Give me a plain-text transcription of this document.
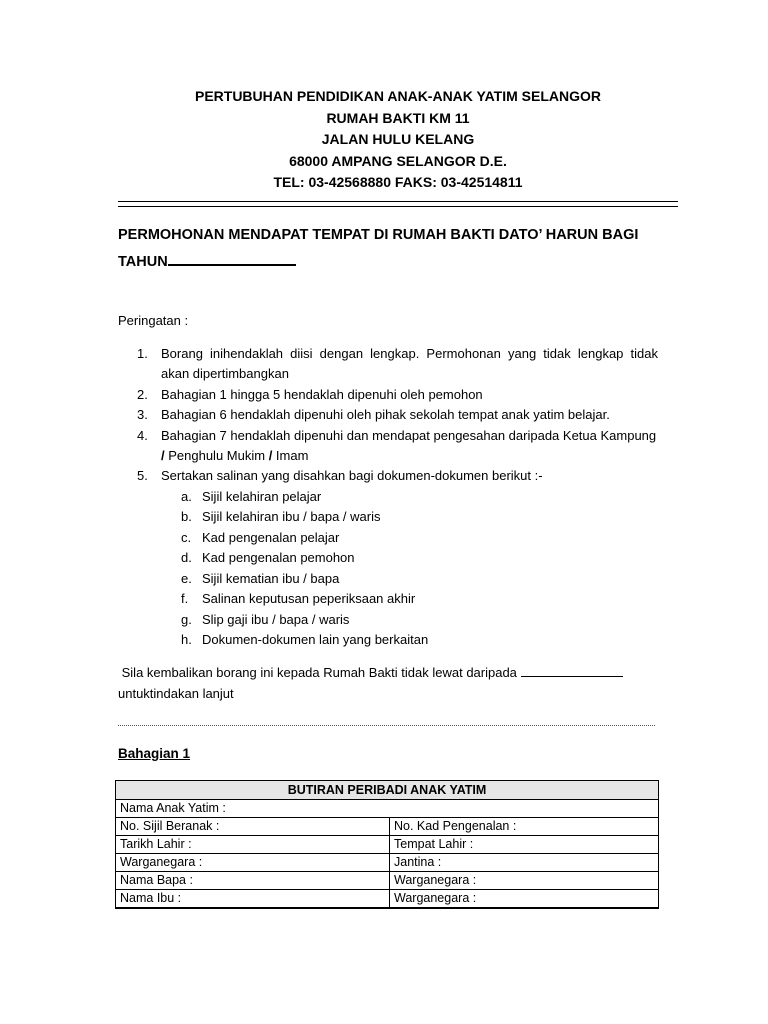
PERTUBUHAN PENDIDIKAN ANAK-ANAK YATIM SELANGOR
RUMAH BAKTI KM 11
JALAN HULU KELANG
68000 AMPANG SELANGOR D.E.
TEL: 03-42568880 FAKS: 03-42514811
PERMOHONAN MENDAPAT TEMPAT DI RUMAH BAKTI DATO’ HARUN BAGI
TAHUN
Peringatan :
1. Borang inihendaklah diisi dengan lengkap. Permohonan yang tidak lengkap tidak akan dipertimbangkan
2. Bahagian 1 hingga 5 hendaklah dipenuhi oleh pemohon
3. Bahagian 6 hendaklah dipenuhi oleh pihak sekolah tempat anak yatim belajar.
4. Bahagian 7 hendaklah dipenuhi dan mendapat pengesahan daripada Ketua Kampung / Penghulu Mukim / Imam
5. Sertakan salinan yang disahkan bagi dokumen-dokumen berikut :-
a. Sijil kelahiran pelajar
b. Sijil kelahiran ibu / bapa / waris
c. Kad pengenalan pelajar
d. Kad pengenalan pemohon
e. Sijil kematian ibu / bapa
f. Salinan keputusan peperiksaan akhir
g. Slip gaji ibu / bapa / waris
h. Dokumen-dokumen lain yang berkaitan
Sila kembalikan borang ini kepada Rumah Bakti tidak lewat daripada
untuktindakan lanjut
Bahagian 1
BUTIRAN PERIBADI ANAK YATIM	
Nama Anak Yatim :	
No. Sijil Beranak :	No. Kad Pengenalan :
Tarikh Lahir :	Tempat Lahir :
Warganegara :	Jantina :
Nama Bapa :	Warganegara :
Nama Ibu :	Warganegara :
